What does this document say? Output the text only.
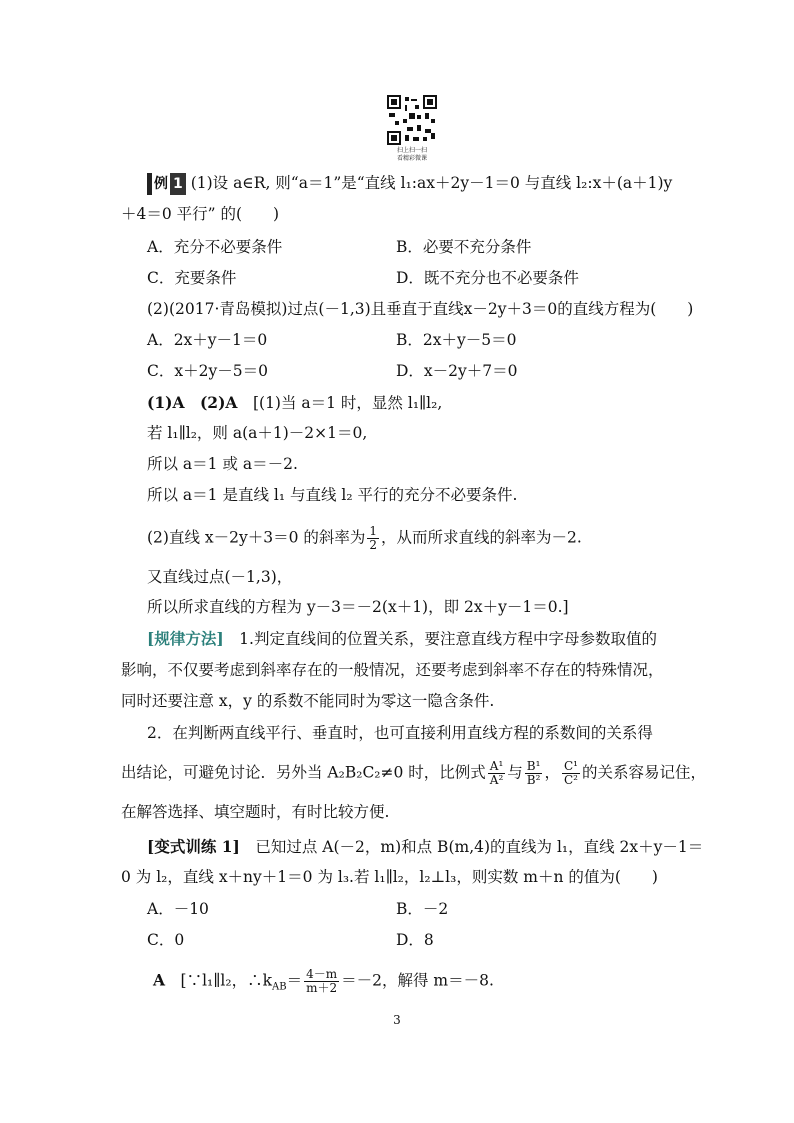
扫上扫一扫
看精彩微课
例 1 (1)设 a∈R, 则“a＝1”是“直线 l₁:ax＋2y－1＝0 与直线 l₂:x＋(a＋1)y
＋4＝0 平行” 的(　　)
A．充分不必要条件	B．必要不充分条件
C．充要条件	D．既不充分也不必要条件
(2)(2017·青岛模拟)过点(－1,3)且垂直于直线x－2y＋3＝0的直线方程为(　　)
A．2x＋y－1＝0	B．2x＋y－5＝0
C．x＋2y－5＝0	D．x－2y＋7＝0
(1)A　(2)A　[(1)当 a＝1 时，显然 l₁∥l₂,
若 l₁∥l₂，则 a(a＋1)－2×1＝0,
所以 a＝1 或 a＝－2.
所以 a＝1 是直线 l₁ 与直线 l₂ 平行的充分不必要条件.
(2)直线 x－2y＋3＝0 的斜率为 $\frac{1}{2}$ ，从而所求直线的斜率为－2.
又直线过点(－1,3)，
所以所求直线的方程为 y－3＝－2(x＋1)，即 2x＋y－1＝0.]
[规律方法]　1.判定直线间的位置关系，要注意直线方程中字母参数取值的
影响，不仅要考虑到斜率存在的一般情况，还要考虑到斜率不存在的特殊情况，
同时还要注意 x，y 的系数不能同时为零这一隐含条件.
2．在判断两直线平行、垂直时，也可直接利用直线方程的系数间的关系得
出结论，可避免讨论．另外当 A₂B₂C₂≠0 时，比例式 $\frac{\text{A¹}}{\text{A²}}$ 与 $\frac{\text{B¹}}{\text{B²}}$ ， $\frac{\text{C¹}}{\text{C²}}$ 的关系容易记住，
在解答选择、填空题时，有时比较方便.
[变式训练 1]　已知过点 A(－2，m)和点 B(m,4)的直线为 l₁，直线 2x＋y－1＝
0 为 l₂，直线 x＋ny＋1＝0 为 l₃.若 l₁∥l₂，l₂⊥l₃，则实数 m＋n 的值为(　　)
A．－10	B．－2
C．0	D．8
A　[∵l₁∥l₂，$\therefore k_{AB}= \frac{4-m}{m+2} =-2$，解得 m＝－8.
3
